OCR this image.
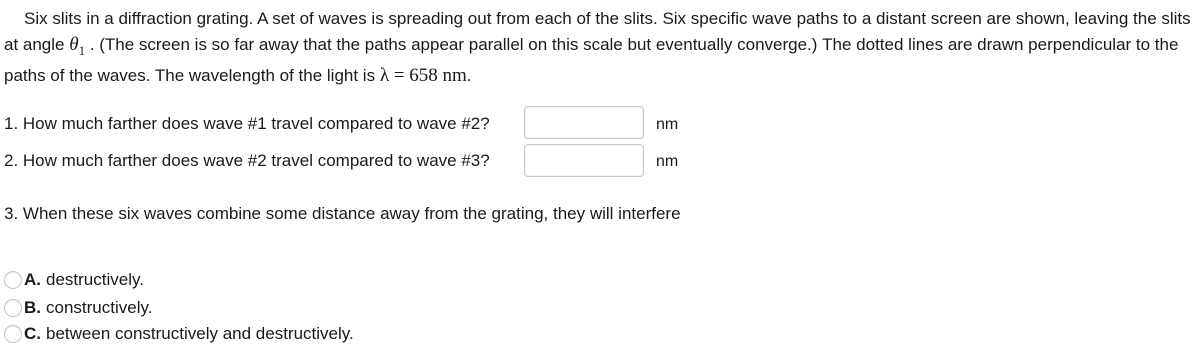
Six slits in a diffraction grating. A set of waves is spreading out from each of the slits. Six specific wave paths to a distant screen are shown, leaving the slits at angle $\theta_1$ . (The screen is so far away that the paths appear parallel on this scale but eventually converge.) The dotted lines are drawn perpendicular to the paths of the waves. The wavelength of the light is λ = 658 nm.

1. How much farther does wave #1 travel compared to wave #2?	nm

2. How much farther does wave #2 travel compared to wave #3?	nm

3. When these six waves combine some distance away from the grating, they will interfere

A. destructively.
B. constructively.
C. between constructively and destructively.
